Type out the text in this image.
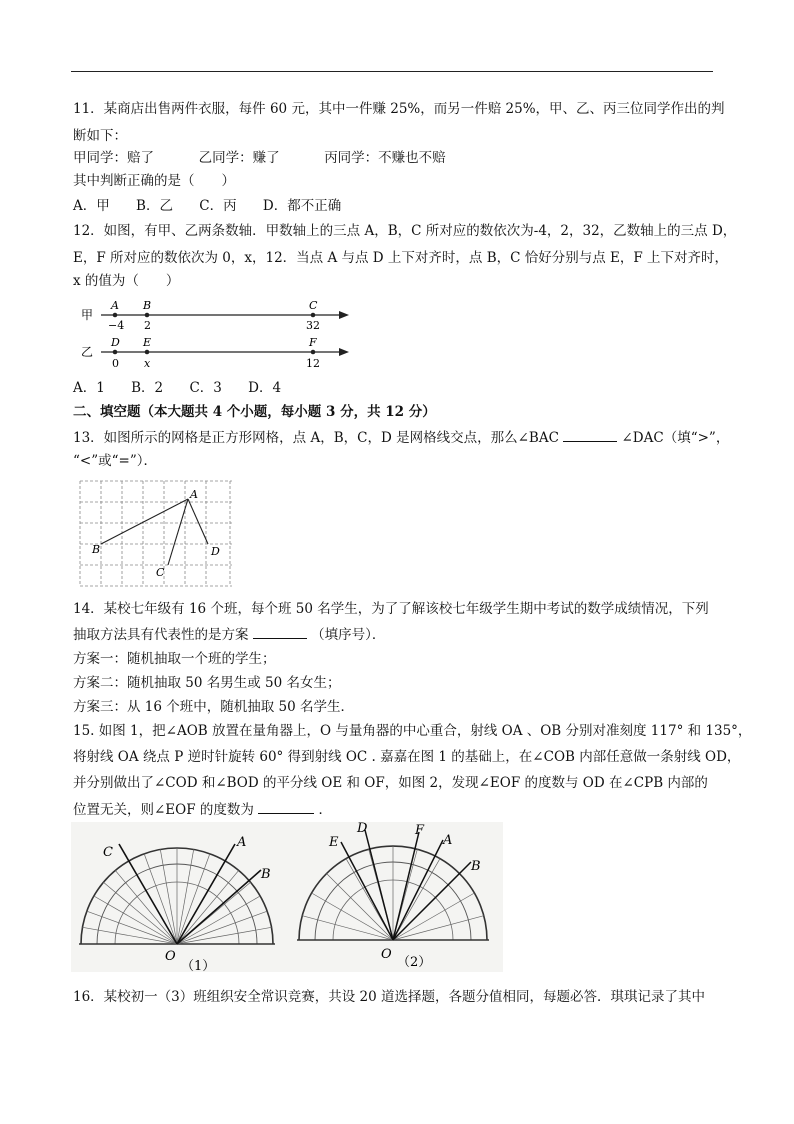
11．某商店出售两件衣服，每件 60 元，其中一件赚 25%，而另一件赔 25%，甲、乙、丙三位同学作出的判
断如下：
甲同学：赔了	乙同学：赚了	丙同学：不赚也不赔
其中判断正确的是（　　）
A．甲 B．乙 C．丙 D．都不正确
12．如图，有甲、乙两条数轴．甲数轴上的三点 A，B，C 所对应的数依次为-4，2，32，乙数轴上的三点 D，
E，F 所对应的数依次为 0，x，12．当点 A 与点 D 上下对齐时，点 B，C 恰好分别与点 E，F 上下对齐时，
x 的值为（　　）
甲
A B	C
−4 2	32
乙
D E	F
0 x	12
A．1 B．2 C．3 D．4
二、填空题（本大题共 4 个小题，每小题 3 分，共 12 分）
13．如图所示的网格是正方形网格，点 A，B，C，D 是网格线交点，那么∠BAC	∠DAC（填“>”，
“<”或“=”）．
A
B
C
D
14．某校七年级有 16 个班，每个班 50 名学生，为了了解该校七年级学生期中考试的数学成绩情况，下列
抽取方法具有代表性的是方案	（填序号）．
方案一：随机抽取一个班的学生；
方案二：随机抽取 50 名男生或 50 名女生；
方案三：从 16 个班中，随机抽取 50 名学生．
15. 如图 1，把∠AOB 放置在量角器上，O 与量角器的中心重合，射线 OA 、OB 分别对准刻度 117° 和 135°，
将射线 OA 绕点 P 逆时针旋转 60° 得到射线 OC . 嘉嘉在图 1 的基础上，在∠COB 内部任意做一条射线 OD，
并分别做出了∠COD 和∠BOD 的平分线 OE 和 OF，如图 2，发现∠EOF 的度数与 OD 在∠CPB 内部的
位置无关，则∠EOF 的度数为	．
C
A
B
O
（1）
D
E
F
A
B
O
（2）
16．某校初一（3）班组织安全常识竞赛，共设 20 道选择题，各题分值相同，每题必答．琪琪记录了其中
